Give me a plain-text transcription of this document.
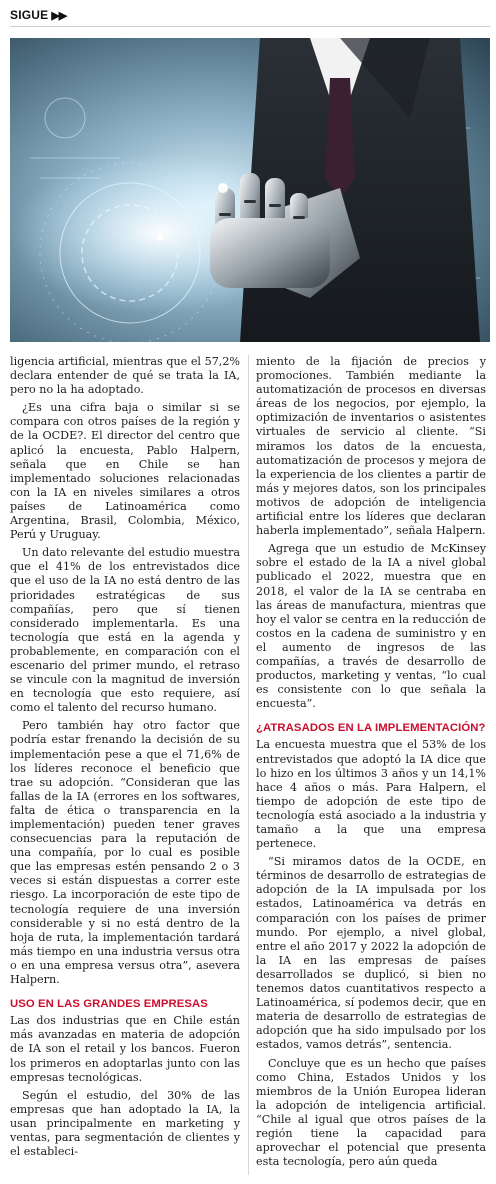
SIGUE ▶▶

ligencia artificial, mientras que el 57,2% declara entender de qué se trata la IA, pero no la ha adoptado.

¿Es una cifra baja o similar si se compara con otros países de la región y de la OCDE?. El director del centro que aplicó la encuesta, Pablo Halpern, señala que en Chile se han implementado soluciones relacionadas con la IA en niveles similares a otros países de Latinoamérica como Argentina, Brasil, Colombia, México, Perú y Uruguay.

Un dato relevante del estudio muestra que el 41% de los entrevistados dice que el uso de la IA no está dentro de las prioridades estratégicas de sus compañías, pero que sí tienen considerado implementarla. Es una tecnología que está en la agenda y probablemente, en comparación con el escenario del primer mundo, el retraso se vincule con la magnitud de inversión en tecnología que esto requiere, así como el talento del recurso humano.

Pero también hay otro factor que podría estar frenando la decisión de su implementación pese a que el 71,6% de los líderes reconoce el beneficio que trae su adopción. “Consideran que las fallas de la IA (errores en los softwares, falta de ética o transparencia en la implementación) pueden tener graves consecuencias para la reputación de una compañía, por lo cual es posible que las empresas estén pensando 2 o 3 veces si están dispuestas a correr este riesgo. La incorporación de este tipo de tecnología requiere de una inversión considerable y si no está dentro de la hoja de ruta, la implementación tardará más tiempo en una industria versus otra o en una empresa versus otra”, asevera Halpern.

USO EN LAS GRANDES EMPRESAS

Las dos industrias que en Chile están más avanzadas en materia de adopción de IA son el retail y los bancos. Fueron los primeros en adoptarlas junto con las empresas tecnológicas.

Según el estudio, del 30% de las empresas que han adoptado la IA, la usan principalmente en marketing y ventas, para segmentación de clientes y el estableci-

miento de la fijación de precios y promociones. También mediante la automatización de procesos en diversas áreas de los negocios, por ejemplo, la optimización de inventarios o asistentes virtuales de servicio al cliente. “Si miramos los datos de la encuesta, automatización de procesos y mejora de la experiencia de los clientes a partir de más y mejores datos, son los principales motivos de adopción de inteligencia artificial entre los líderes que declaran haberla implementado”, señala Halpern.

Agrega que un estudio de McKinsey sobre el estado de la IA a nivel global publicado el 2022, muestra que en 2018, el valor de la IA se centraba en las áreas de manufactura, mientras que hoy el valor se centra en la reducción de costos en la cadena de suministro y en el aumento de ingresos de las compañías, a través de desarrollo de productos, marketing y ventas, “lo cual es consistente con lo que señala la encuesta”.

¿ATRASADOS EN LA IMPLEMENTACIÓN?

La encuesta muestra que el 53% de los entrevistados que adoptó la IA dice que lo hizo en los últimos 3 años y un 14,1% hace 4 años o más. Para Halpern, el tiempo de adopción de este tipo de tecnología está asociado a la industria y tamaño a la que una empresa pertenece.

“Si miramos datos de la OCDE, en términos de desarrollo de estrategias de adopción de la IA impulsada por los estados, Latinoamérica va detrás en comparación con los países de primer mundo. Por ejemplo, a nivel global, entre el año 2017 y 2022 la adopción de la IA en las empresas de países desarrollados se duplicó, si bien no tenemos datos cuantitativos respecto a Latinoamérica, sí podemos decir, que en materia de desarrollo de estrategias de adopción que ha sido impulsado por los estados, vamos detrás”, sentencia.

Concluye que es un hecho que países como China, Estados Unidos y los miembros de la Unión Europea lideran la adopción de inteligencia artificial. “Chile al igual que otros países de la región tiene la capacidad para aprovechar el potencial que presenta esta tecnología, pero aún queda
